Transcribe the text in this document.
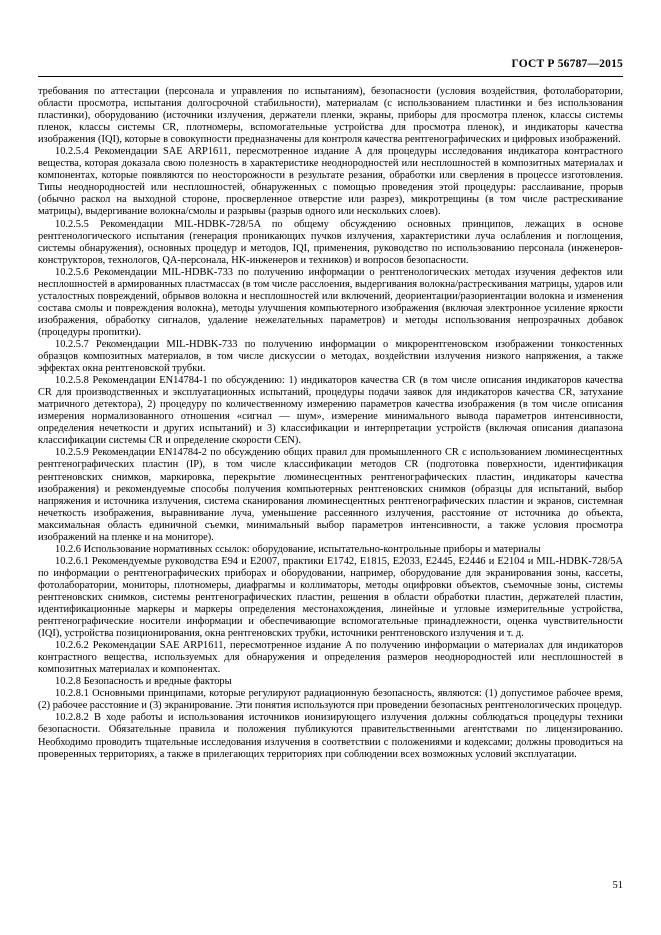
ГОСТ Р 56787—2015

требования по аттестации (персонала и управления по испытаниям), безопасности (условия воздействия, фотолаборатории, области просмотра, испытания долгосрочной стабильности), материалам (с использованием пластинки и без использования пластинки), оборудованию (источники излучения, держатели пленки, экраны, приборы для просмотра пленок, классы системы пленок, классы системы CR, плотномеры, вспомогательные устройства для просмотра пленок), и индикаторы качества изображения (IQI), которые в совокупности предназначены для контроля качества рентгенографических и цифровых изображений.

10.2.5.4 Рекомендации SAE ARP1611, пересмотренное издание A для процедуры исследования индикатора контрастного вещества, которая доказала свою полезность в характеристике неоднородностей или несплошностей в композитных материалах и компонентах, которые появляются по неосторожности в результате резания, обработки или сверления в процессе изготовления. Типы неоднородностей или несплошностей, обнаруженных с помощью проведения этой процедуры: расслаивание, прорыв (обычно раскол на выходной стороне, просверленное отверстие или разрез), микротрещины (в том числе растрескивание матрицы), выдергивание волокна/смолы и разрывы (разрыв одного или нескольких слоев).

10.2.5.5 Рекомендации MIL-HDBK-728/5A по общему обсуждению основных принципов, лежащих в основе рентгенологического испытания (генерация проникающих пучков излучения, характеристики луча ослабления и поглощения, системы обнаружения), основных процедур и методов, IQI, применения, руководство по использованию персонала (инженеров-конструкторов, технологов, QA-персонала, HK-инженеров и техников) и вопросов безопасности.

10.2.5.6 Рекомендации MIL-HDBK-733 по получению информации о рентгенологических методах изучения дефектов или несплошностей в армированных пластмассах (в том числе расслоения, выдергивания волокна/растрескивания матрицы, ударов или усталостных повреждений, обрывов волокна и несплошностей или включений, деориентации/разориентации волокна и изменения состава смолы и повреждения волокна), методы улучшения компьютерного изображения (включая электронное усиление яркости изображения, обработку сигналов, удаление нежелательных параметров) и методы использования непрозрачных добавок (процедуры пропитки).

10.2.5.7 Рекомендации MIL-HDBK-733 по получению информации о микрорентгеновском изображении тонкостенных образцов композитных материалов, в том числе дискуссии о методах, воздействии излучения низкого напряжения, а также эффектах окна рентгеновской трубки.

10.2.5.8 Рекомендации EN14784-1 по обсуждению: 1) индикаторов качества CR (в том числе описания индикаторов качества CR для производственных и эксплуатационных испытаний, процедуры подачи заявок для индикаторов качества CR, затухание матричного детектора), 2) процедуру по количественному измерению параметров качества изображения (в том числе описания измерения нормализованного отношения «сигнал — шум», измерение минимального вывода параметров интенсивности, определения нечеткости и других испытаний) и 3) классификации и интерпретации устройств (включая описания диапазона классификации системы CR и определение скорости CEN).

10.2.5.9 Рекомендации EN14784-2 по обсуждению общих правил для промышленного CR с использованием люминесцентных рентгенографических пластин (IP), в том числе классификации методов CR (подготовка поверхности, идентификация рентгеновских снимков, маркировка, перекрытие люминесцентных рентгенографических пластин, индикаторы качества изображения) и рекомендуемые способы получения компьютерных рентгеновских снимков (образцы для испытаний, выбор напряжения и источника излучения, система сканирования люминесцентных рентгенографических пластин и экранов, системная нечеткость изображения, выравнивание луча, уменьшение рассеянного излучения, расстояние от источника до объекта, максимальная область единичной съемки, минимальный выбор параметров интенсивности, а также условия просмотра изображений на пленке и на мониторе).

10.2.6 Использование нормативных ссылок: оборудование, испытательно-контрольные приборы и материалы

10.2.6.1 Рекомендуемые руководства E94 и E2007, практики E1742, E1815, E2033, E2445, E2446 и E2104 и MIL-HDBK-728/5A по информации о рентгенографических приборах и оборудовании, например, оборудование для экранирования зоны, кассеты, фотолаборатории, мониторы, плотномеры, диафрагмы и коллиматоры, методы оцифровки объектов, съемочные зоны, системы рентгеновских снимков, системы рентгенографических пластин, решения в области обработки пластин, держателей пластин, идентификационные маркеры и маркеры определения местонахождения, линейные и угловые измерительные устройства, рентгенографические носители информации и обеспечивающие вспомогательные принадлежности, оценка чувствительности (IQI), устройства позиционирования, окна рентгеновских трубки, источники рентгеновского излучения и т. д.

10.2.6.2 Рекомендации SAE ARP1611, пересмотренное издание A по получению информации о материалах для индикаторов контрастного вещества, используемых для обнаружения и определения размеров неоднородностей или несплошностей в композитных материалах и компонентах.

10.2.8 Безопасность и вредные факторы

10.2.8.1 Основными принципами, которые регулируют радиационную безопасность, являются: (1) допустимое рабочее время, (2) рабочее расстояние и (3) экранирование. Эти понятия используются при проведении безопасных рентгенологических процедур.

10.2.8.2 В ходе работы и использования источников ионизирующего излучения должны соблюдаться процедуры техники безопасности. Обязательные правила и положения публикуются правительственными агентствами по лицензированию. Необходимо проводить тщательные исследования излучения в соответствии с положениями и кодексами; должны проводиться на проверенных территориях, а также в прилегающих территориях при соблюдении всех возможных условий эксплуатации.

51
